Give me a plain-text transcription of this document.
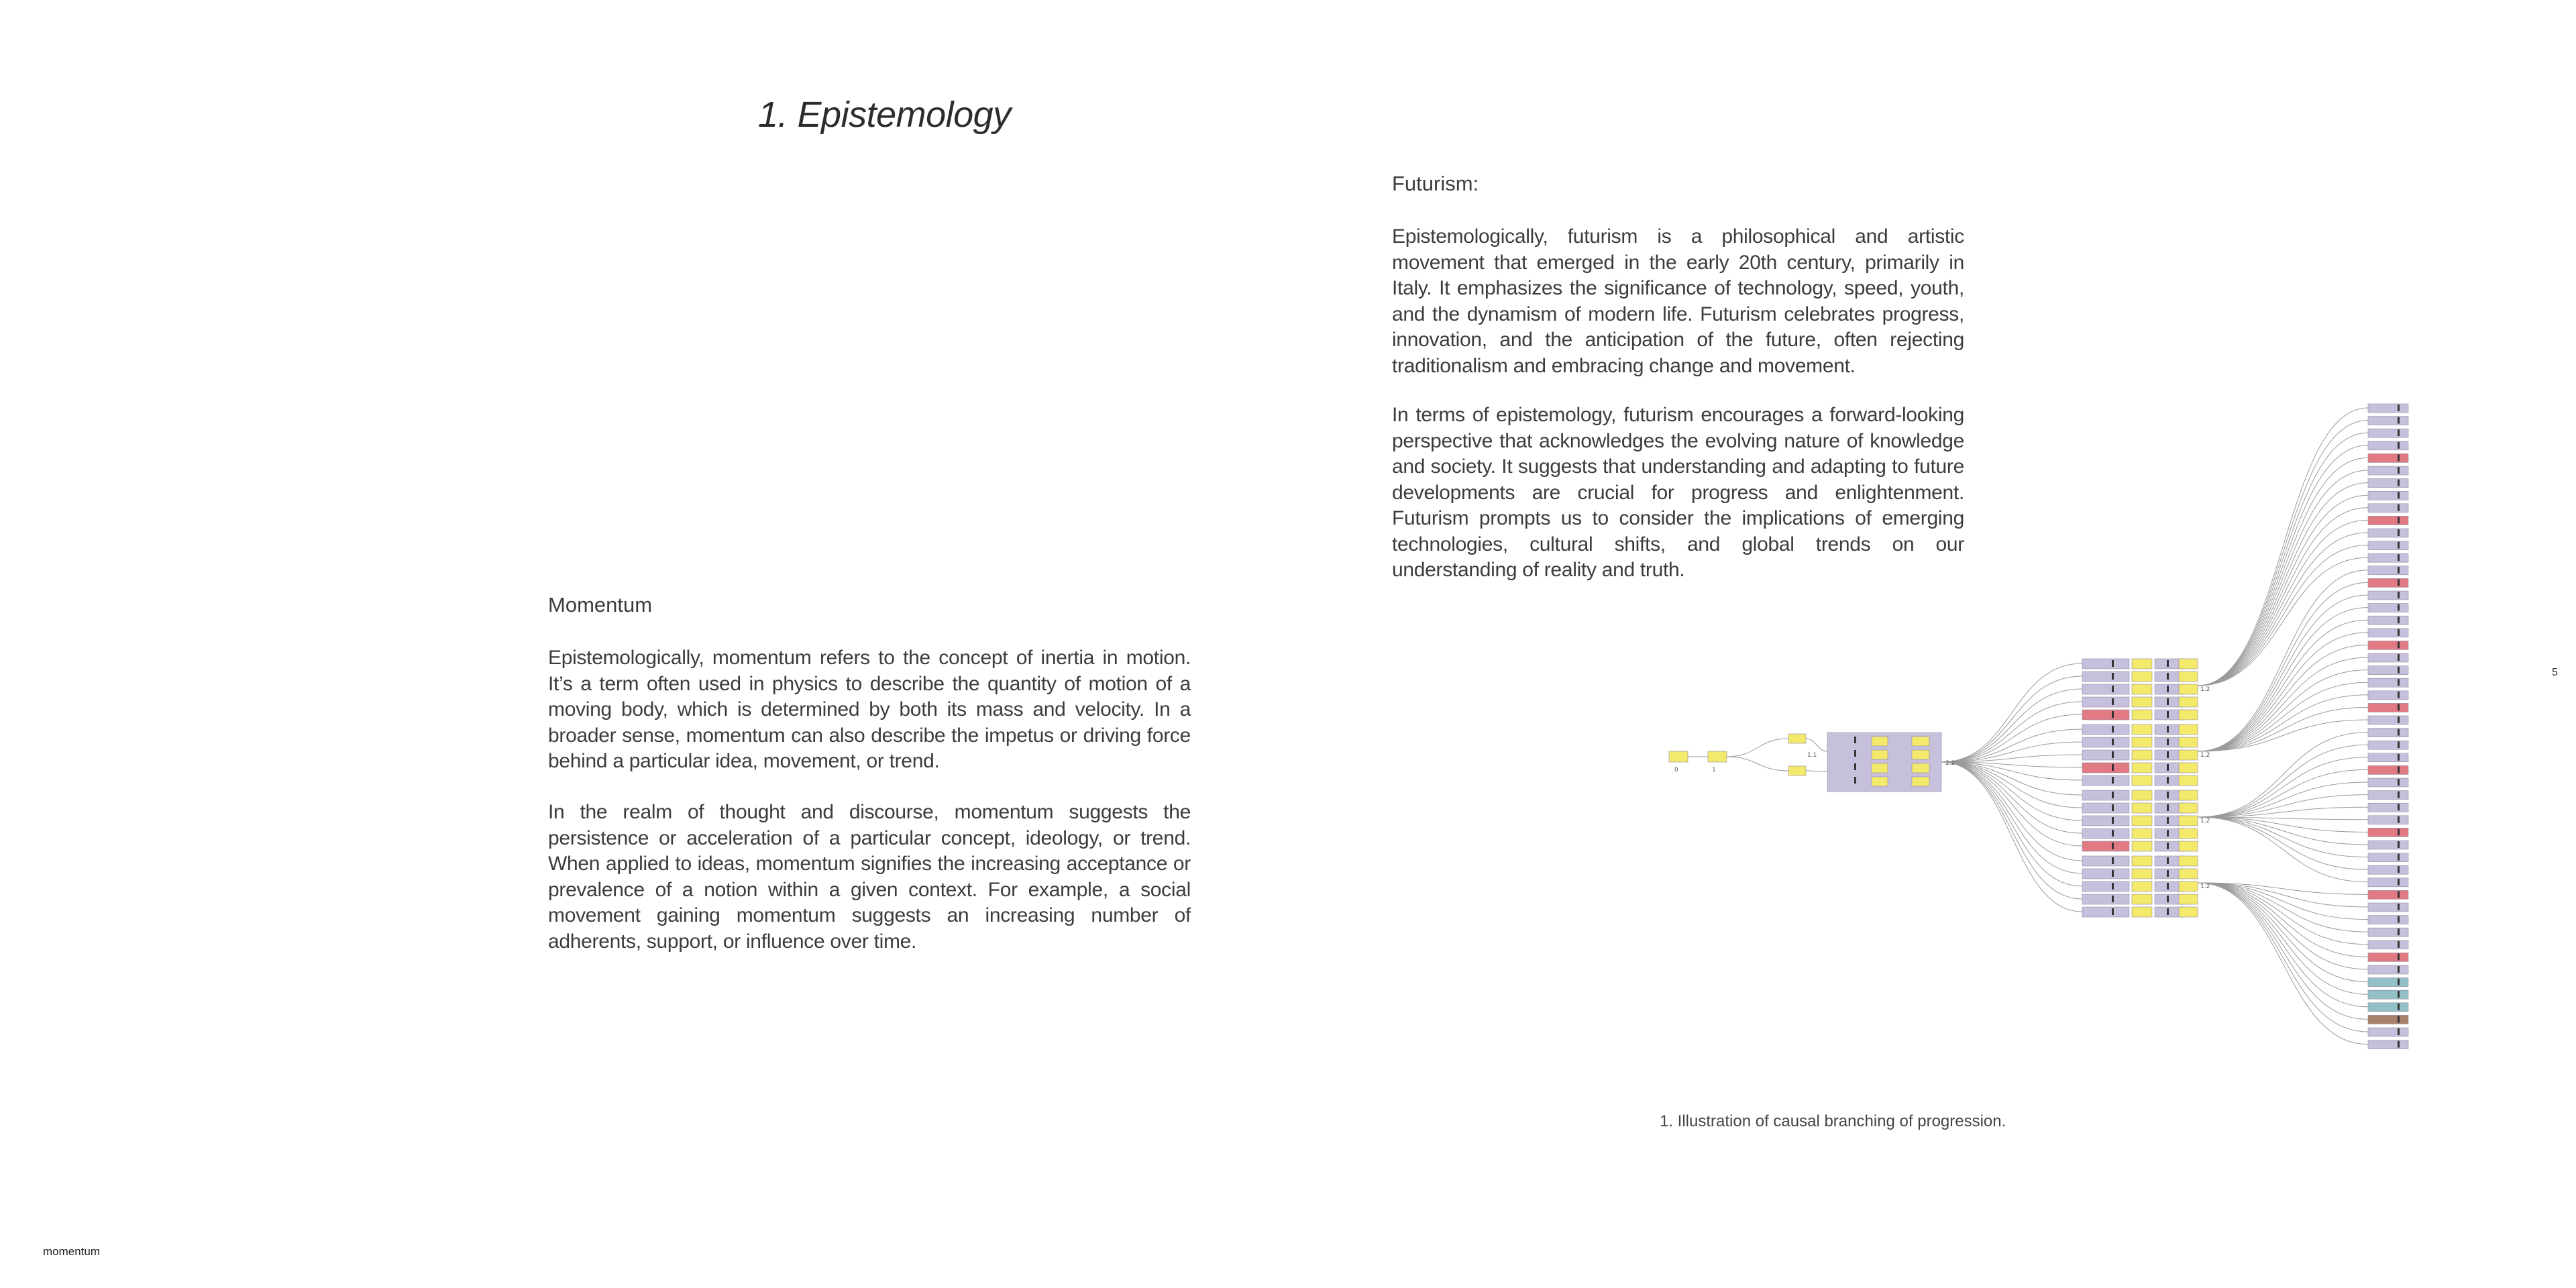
1. Epistemology
Momentum
Epistemologically, momentum refers to the concept of inertia in motion. It’s a term often used in physics to describe the quantity of motion of a moving body, which is determined by both its mass and velocity. In a broader sense, momentum can also describe the impetus or driving force behind a particular idea, movement, or trend.
In the realm of thought and discourse, momentum suggests the persistence or acceleration of a particular concept, ideology, or trend. When applied to ideas, momentum signifies the increasing acceptance or prevalence of a notion within a given context. For example, a social movement gaining momentum suggests an increasing number of adherents, support, or influence over time.
Futurism:
Epistemologically, futurism is a philosophical and artistic movement that emerged in the early 20th century, primarily in Italy. It emphasizes the significance of technology, speed, youth, and the dynamism of modern life. Futurism celebrates progress, innovation, and the anticipation of the future, often rejecting traditionalism and embracing change and movement.
In terms of epistemology, futurism encourages a forward-looking perspective that acknowledges the evolving nature of knowledge and society. It suggests that understanding and adapting to future developments are crucial for progress and enlightenment. Futurism prompts us to consider the implications of emerging technologies, cultural shifts, and global trends on our understanding of reality and truth.
0	1
1.1
2.2
1.2
1.2
1.2
1.2
1. Illustration of causal branching of progression.
momentum
5
